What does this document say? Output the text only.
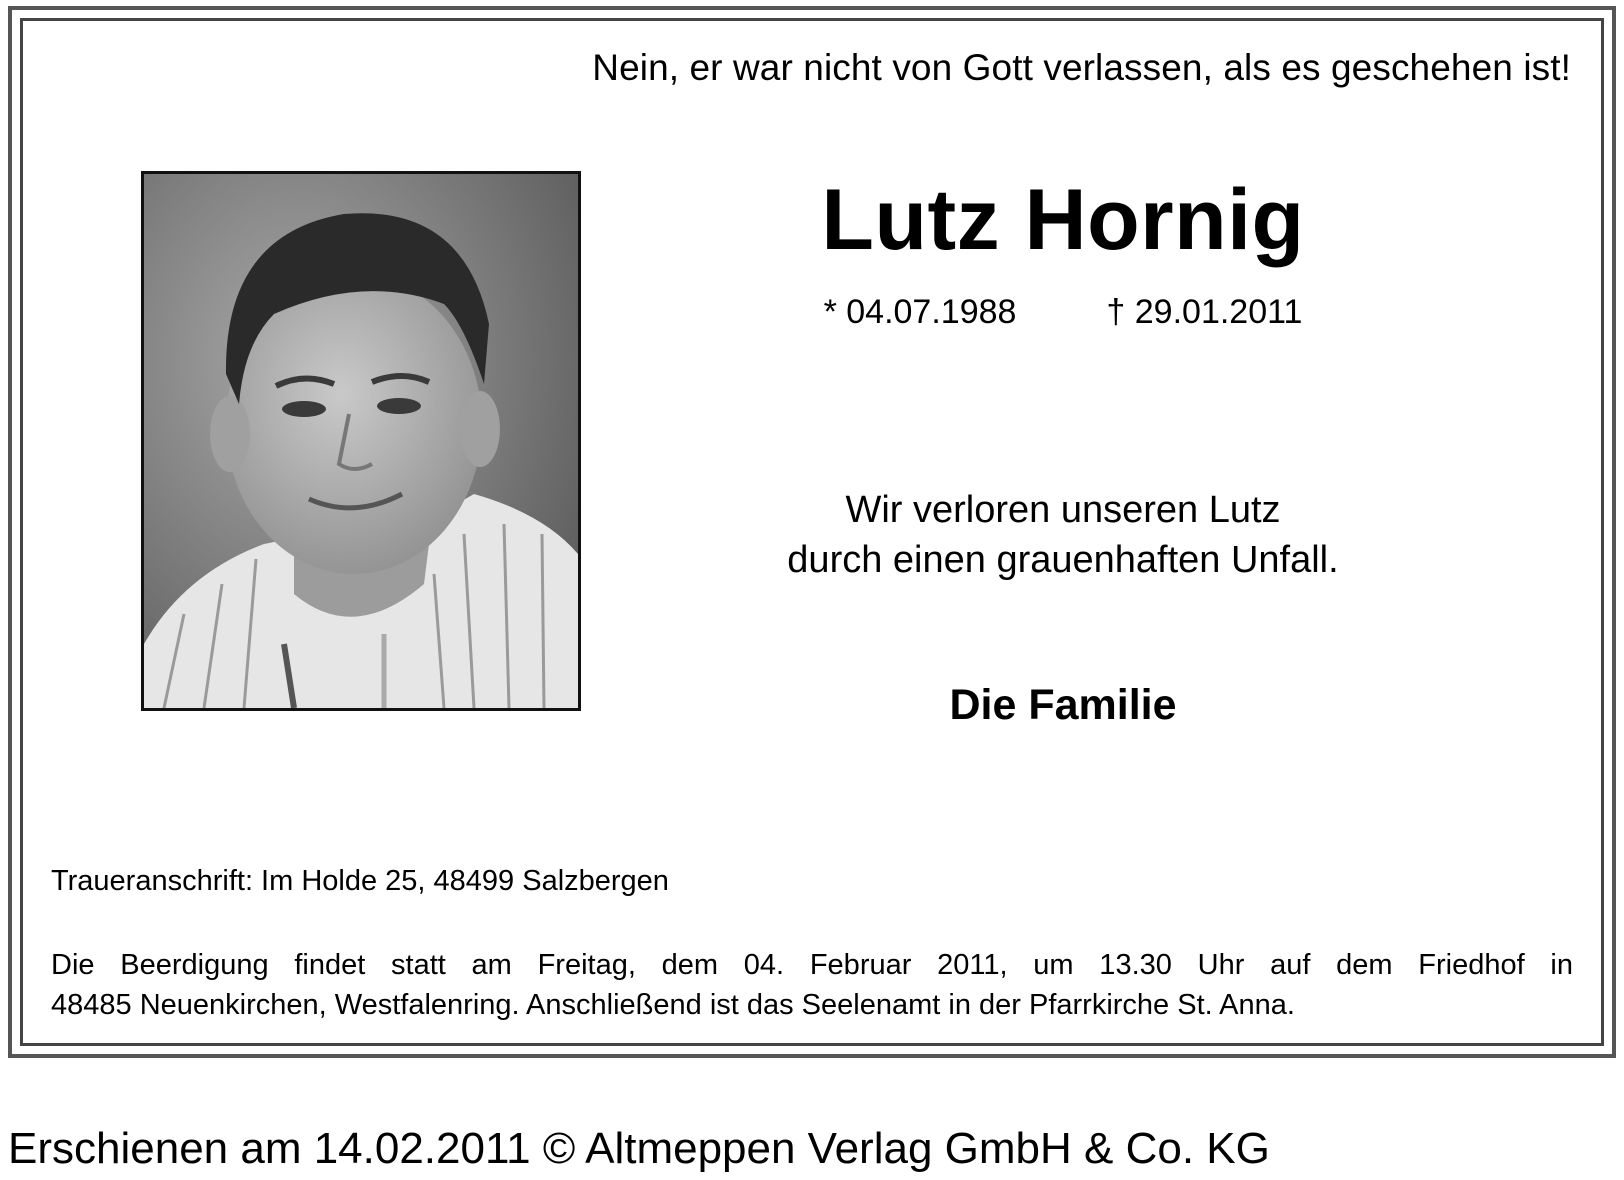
Nein, er war nicht von Gott verlassen, als es geschehen ist!
Lutz Hornig
* 04.07.1988	† 29.01.2011
Wir verloren unseren Lutz
durch einen grauenhaften Unfall.
Die Familie
Traueranschrift: Im Holde 25, 48499 Salzbergen
Die Beerdigung findet statt am Freitag, dem 04. Februar 2011, um 13.30 Uhr auf dem Friedhof in
48485 Neuenkirchen, Westfalenring. Anschließend ist das Seelenamt in der Pfarrkirche St. Anna.
Erschienen am 14.02.2011 © Altmeppen Verlag GmbH & Co. KG
